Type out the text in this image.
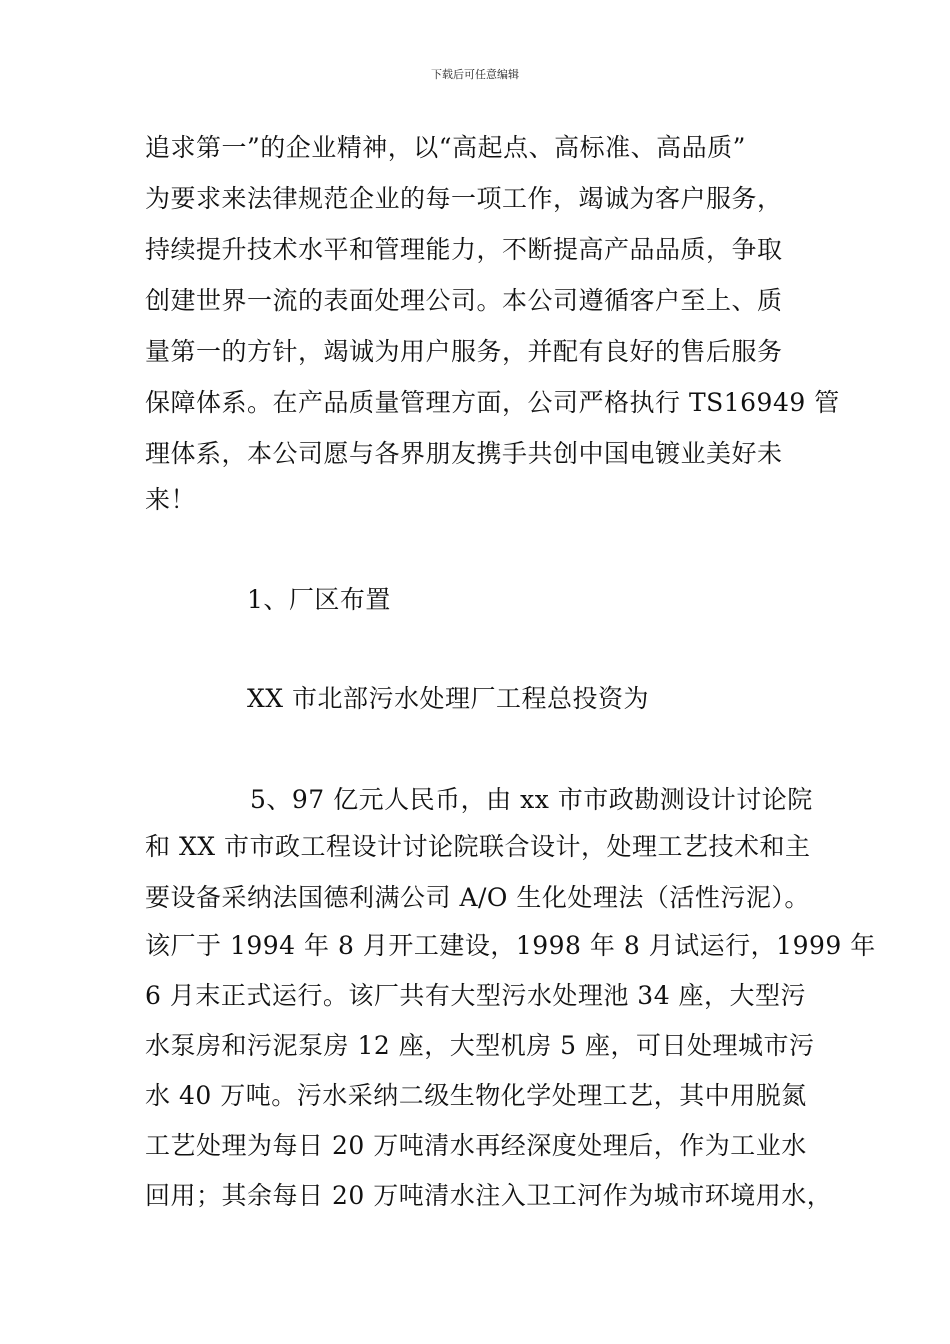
下载后可任意编辑
追求第一”的企业精神，以“高起点、高标准、高品质”
为要求来法律规范企业的每一项工作，竭诚为客户服务，
持续提升技术水平和管理能力，不断提高产品品质，争取
创建世界一流的表面处理公司。本公司遵循客户至上、质
量第一的方针，竭诚为用户服务，并配有良好的售后服务
保障体系。在产品质量管理方面，公司严格执行 TS16949 管
理体系，本公司愿与各界朋友携手共创中国电镀业美好未
来！
1、厂区布置
XX 市北部污水处理厂工程总投资为
5、97 亿元人民币，由 xx 市市政勘测设计讨论院
和 XX 市市政工程设计讨论院联合设计，处理工艺技术和主
要设备采纳法国德利满公司 A/O 生化处理法（活性污泥）。
该厂于 1994 年 8 月开工建设，1998 年 8 月试运行，1999 年
6 月末正式运行。该厂共有大型污水处理池 34 座，大型污
水泵房和污泥泵房 12 座，大型机房 5 座，可日处理城市污
水 40 万吨。污水采纳二级生物化学处理工艺，其中用脱氮
工艺处理为每日 20 万吨清水再经深度处理后，作为工业水
回用；其余每日 20 万吨清水注入卫工河作为城市环境用水，
